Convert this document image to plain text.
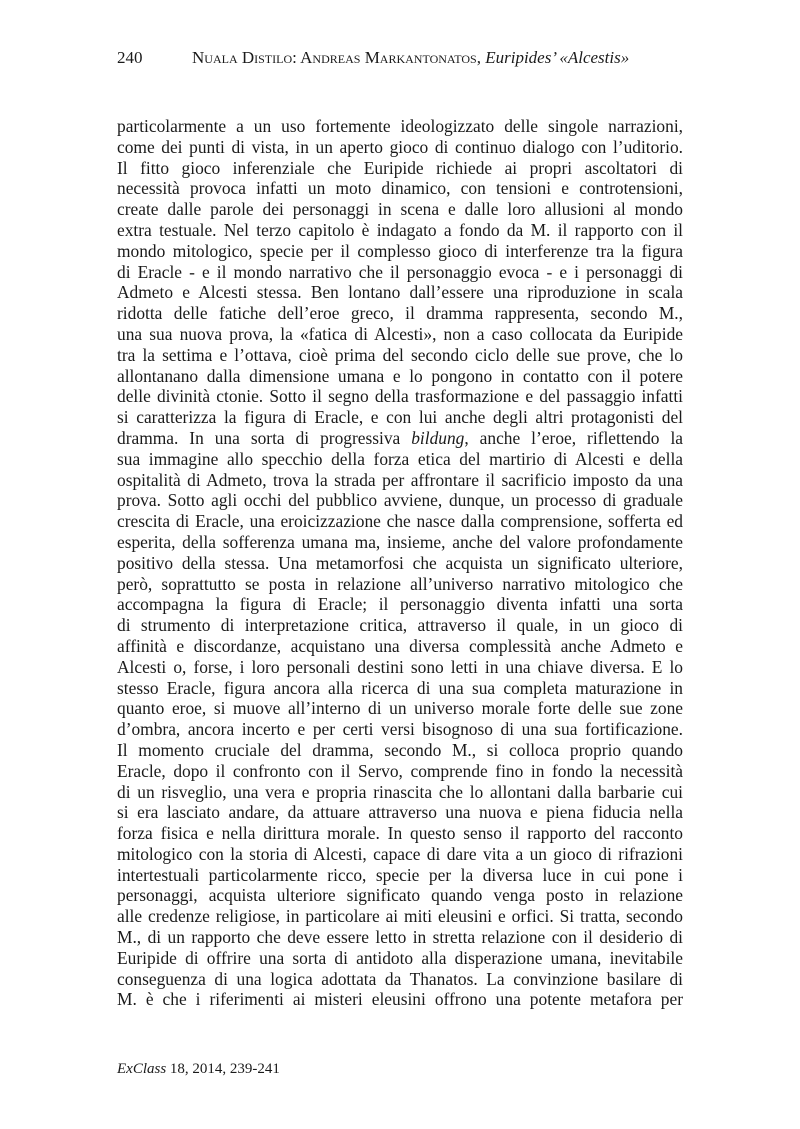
240	Nuala Distilo: Andreas Markantonatos, Euripides’ «Alcestis»
particolarmente a un uso fortemente ideologizzato delle singole narrazioni,
come dei punti di vista, in un aperto gioco di continuo dialogo con l’uditorio.
Il fitto gioco inferenziale che Euripide richiede ai propri ascoltatori di
necessità provoca infatti un moto dinamico, con tensioni e controtensioni,
create dalle parole dei personaggi in scena e dalle loro allusioni al mondo
extra testuale. Nel terzo capitolo è indagato a fondo da M. il rapporto con il
mondo mitologico, specie per il complesso gioco di interferenze tra la figura
di Eracle - e il mondo narrativo che il personaggio evoca - e i personaggi di
Admeto e Alcesti stessa. Ben lontano dall’essere una riproduzione in scala
ridotta delle fatiche dell’eroe greco, il dramma rappresenta, secondo M.,
una sua nuova prova, la «fatica di Alcesti», non a caso collocata da Euripide
tra la settima e l’ottava, cioè prima del secondo ciclo delle sue prove, che lo
allontanano dalla dimensione umana e lo pongono in contatto con il potere
delle divinità ctonie. Sotto il segno della trasformazione e del passaggio infatti
si caratterizza la figura di Eracle, e con lui anche degli altri protagonisti del
dramma. In una sorta di progressiva bildung, anche l’eroe, riflettendo la
sua immagine allo specchio della forza etica del martirio di Alcesti e della
ospitalità di Admeto, trova la strada per affrontare il sacrificio imposto da una
prova. Sotto agli occhi del pubblico avviene, dunque, un processo di graduale
crescita di Eracle, una eroicizzazione che nasce dalla comprensione, sofferta ed
esperita, della sofferenza umana ma, insieme, anche del valore profondamente
positivo della stessa. Una metamorfosi che acquista un significato ulteriore,
però, soprattutto se posta in relazione all’universo narrativo mitologico che
accompagna la figura di Eracle; il personaggio diventa infatti una sorta
di strumento di interpretazione critica, attraverso il quale, in un gioco di
affinità e discordanze, acquistano una diversa complessità anche Admeto e
Alcesti o, forse, i loro personali destini sono letti in una chiave diversa. E lo
stesso Eracle, figura ancora alla ricerca di una sua completa maturazione in
quanto eroe, si muove all’interno di un universo morale forte delle sue zone
d’ombra, ancora incerto e per certi versi bisognoso di una sua fortificazione.
Il momento cruciale del dramma, secondo M., si colloca proprio quando
Eracle, dopo il confronto con il Servo, comprende fino in fondo la necessità
di un risveglio, una vera e propria rinascita che lo allontani dalla barbarie cui
si era lasciato andare, da attuare attraverso una nuova e piena fiducia nella
forza fisica e nella dirittura morale. In questo senso il rapporto del racconto
mitologico con la storia di Alcesti, capace di dare vita a un gioco di rifrazioni
intertestuali particolarmente ricco, specie per la diversa luce in cui pone i
personaggi, acquista ulteriore significato quando venga posto in relazione
alle credenze religiose, in particolare ai miti eleusini e orfici. Si tratta, secondo
M., di un rapporto che deve essere letto in stretta relazione con il desiderio di
Euripide di offrire una sorta di antidoto alla disperazione umana, inevitabile
conseguenza di una logica adottata da Thanatos. La convinzione basilare di
M. è che i riferimenti ai misteri eleusini offrono una potente metafora per
ExClass 18, 2014, 239-241
